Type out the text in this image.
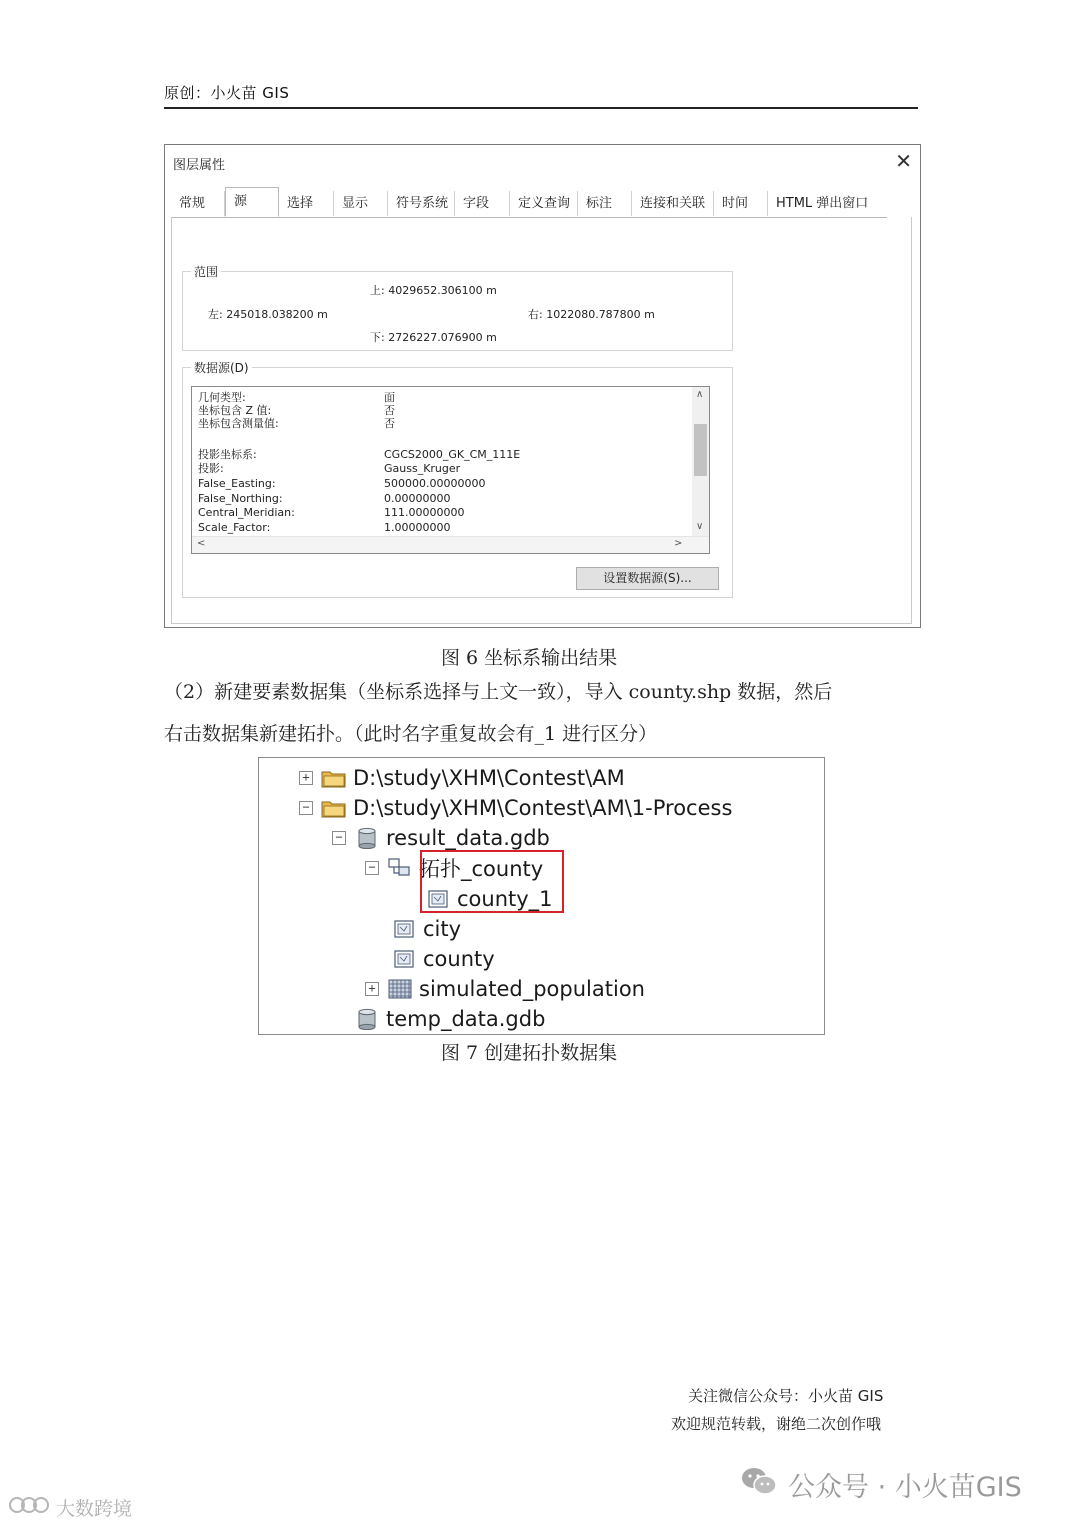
原创：小火苗 GIS
图层属性	✕
常规	源	选择	显示	符号系统	字段	定义查询	标注	连接和关联	时间	HTML 弹出窗口
范围
上: 4029652.306100 m
左: 245018.038200 m	右: 1022080.787800 m
下: 2726227.076900 m
数据源(D)
几何类型:	面
坐标包含 Z 值:	否
坐标包含测量值:	否
投影坐标系:	CGCS2000_GK_CM_111E
投影:	Gauss_Kruger
False_Easting:	500000.00000000
False_Northing:	0.00000000
Central_Meridian:	111.00000000
Scale_Factor:	1.00000000
∧
∨
<	>
设置数据源(S)...
图 6 坐标系输出结果
（2）新建要素数据集（坐标系选择与上文一致），导入 county.shp 数据，然后
右击数据集新建拓扑。（此时名字重复故会有_1 进行区分）
+ D:\study\XHM\Contest\AM
− D:\study\XHM\Contest\AM\1-Process
− result_data.gdb
− 拓扑_county
county_1
city
county
+ simulated_population
temp_data.gdb
图 7 创建拓扑数据集
关注微信公众号：小火苗 GIS
欢迎规范转载，谢绝二次创作哦
公众号 · 小火苗GIS
大数跨境
